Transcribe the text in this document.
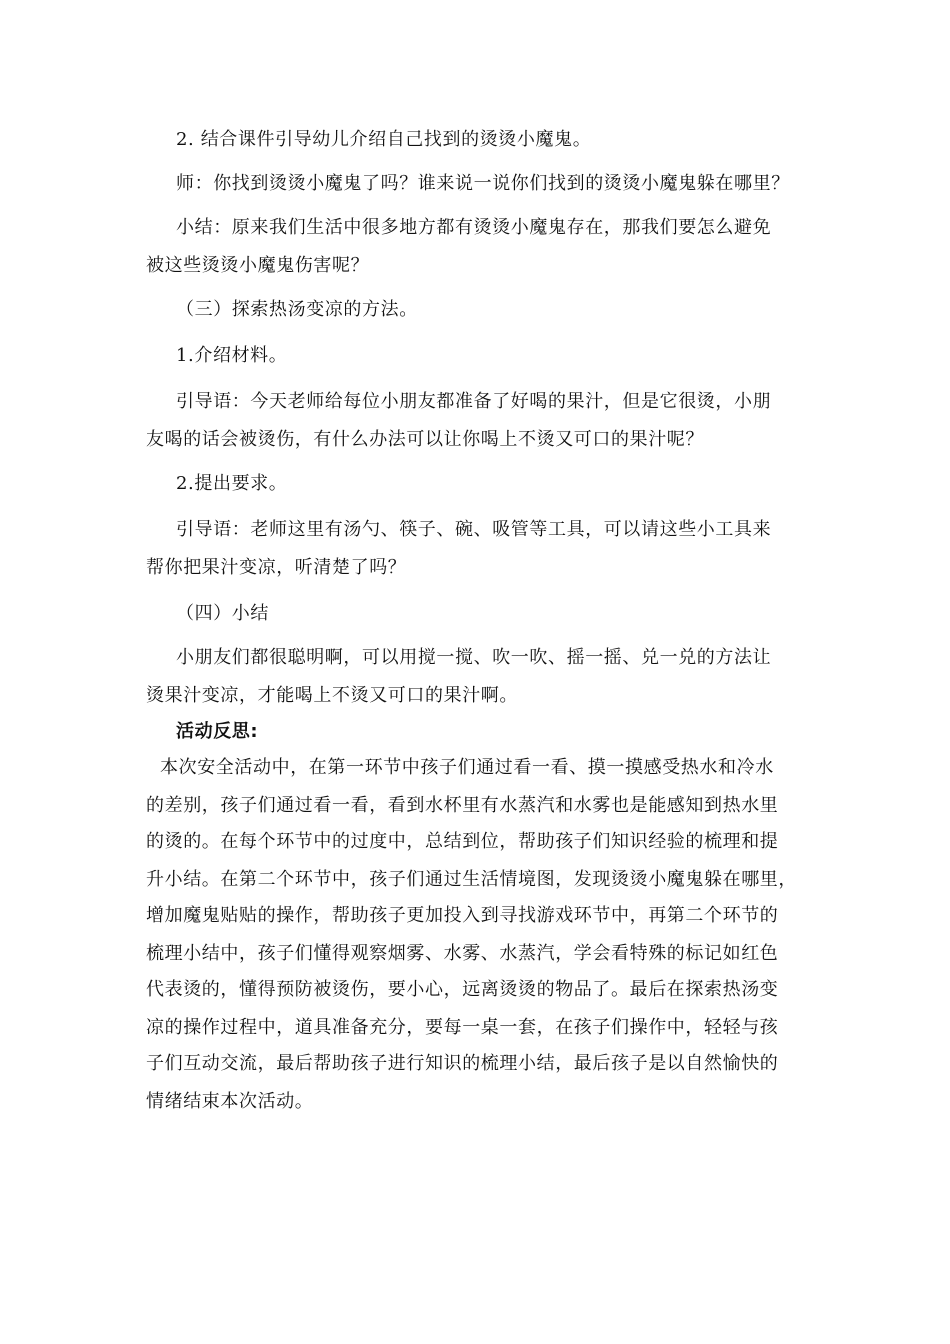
2. 结合课件引导幼儿介绍自己找到的烫烫小魔鬼。
师：你找到烫烫小魔鬼了吗？谁来说一说你们找到的烫烫小魔鬼躲在哪里？
小结：原来我们生活中很多地方都有烫烫小魔鬼存在，那我们要怎么避免
被这些烫烫小魔鬼伤害呢？
（三）探索热汤变凉的方法。
1.介绍材料。
引导语：今天老师给每位小朋友都准备了好喝的果汁，但是它很烫，小朋
友喝的话会被烫伤，有什么办法可以让你喝上不烫又可口的果汁呢？
2.提出要求。
引导语：老师这里有汤勺、筷子、碗、吸管等工具，可以请这些小工具来
帮你把果汁变凉，听清楚了吗？
（四）小结
小朋友们都很聪明啊，可以用搅一搅、吹一吹、摇一摇、兑一兑的方法让
烫果汁变凉，才能喝上不烫又可口的果汁啊。
活动反思:
本次安全活动中，在第一环节中孩子们通过看一看、摸一摸感受热水和冷水
的差别，孩子们通过看一看，看到水杯里有水蒸汽和水雾也是能感知到热水里
的烫的。在每个环节中的过度中，总结到位，帮助孩子们知识经验的梳理和提
升小结。在第二个环节中，孩子们通过生活情境图，发现烫烫小魔鬼躲在哪里，
增加魔鬼贴贴的操作，帮助孩子更加投入到寻找游戏环节中，再第二个环节的
梳理小结中，孩子们懂得观察烟雾、水雾、水蒸汽，学会看特殊的标记如红色
代表烫的，懂得预防被烫伤，要小心，远离烫烫的物品了。最后在探索热汤变
凉的操作过程中，道具准备充分，要每一桌一套，在孩子们操作中，轻轻与孩
子们互动交流，最后帮助孩子进行知识的梳理小结，最后孩子是以自然愉快的
情绪结束本次活动。
